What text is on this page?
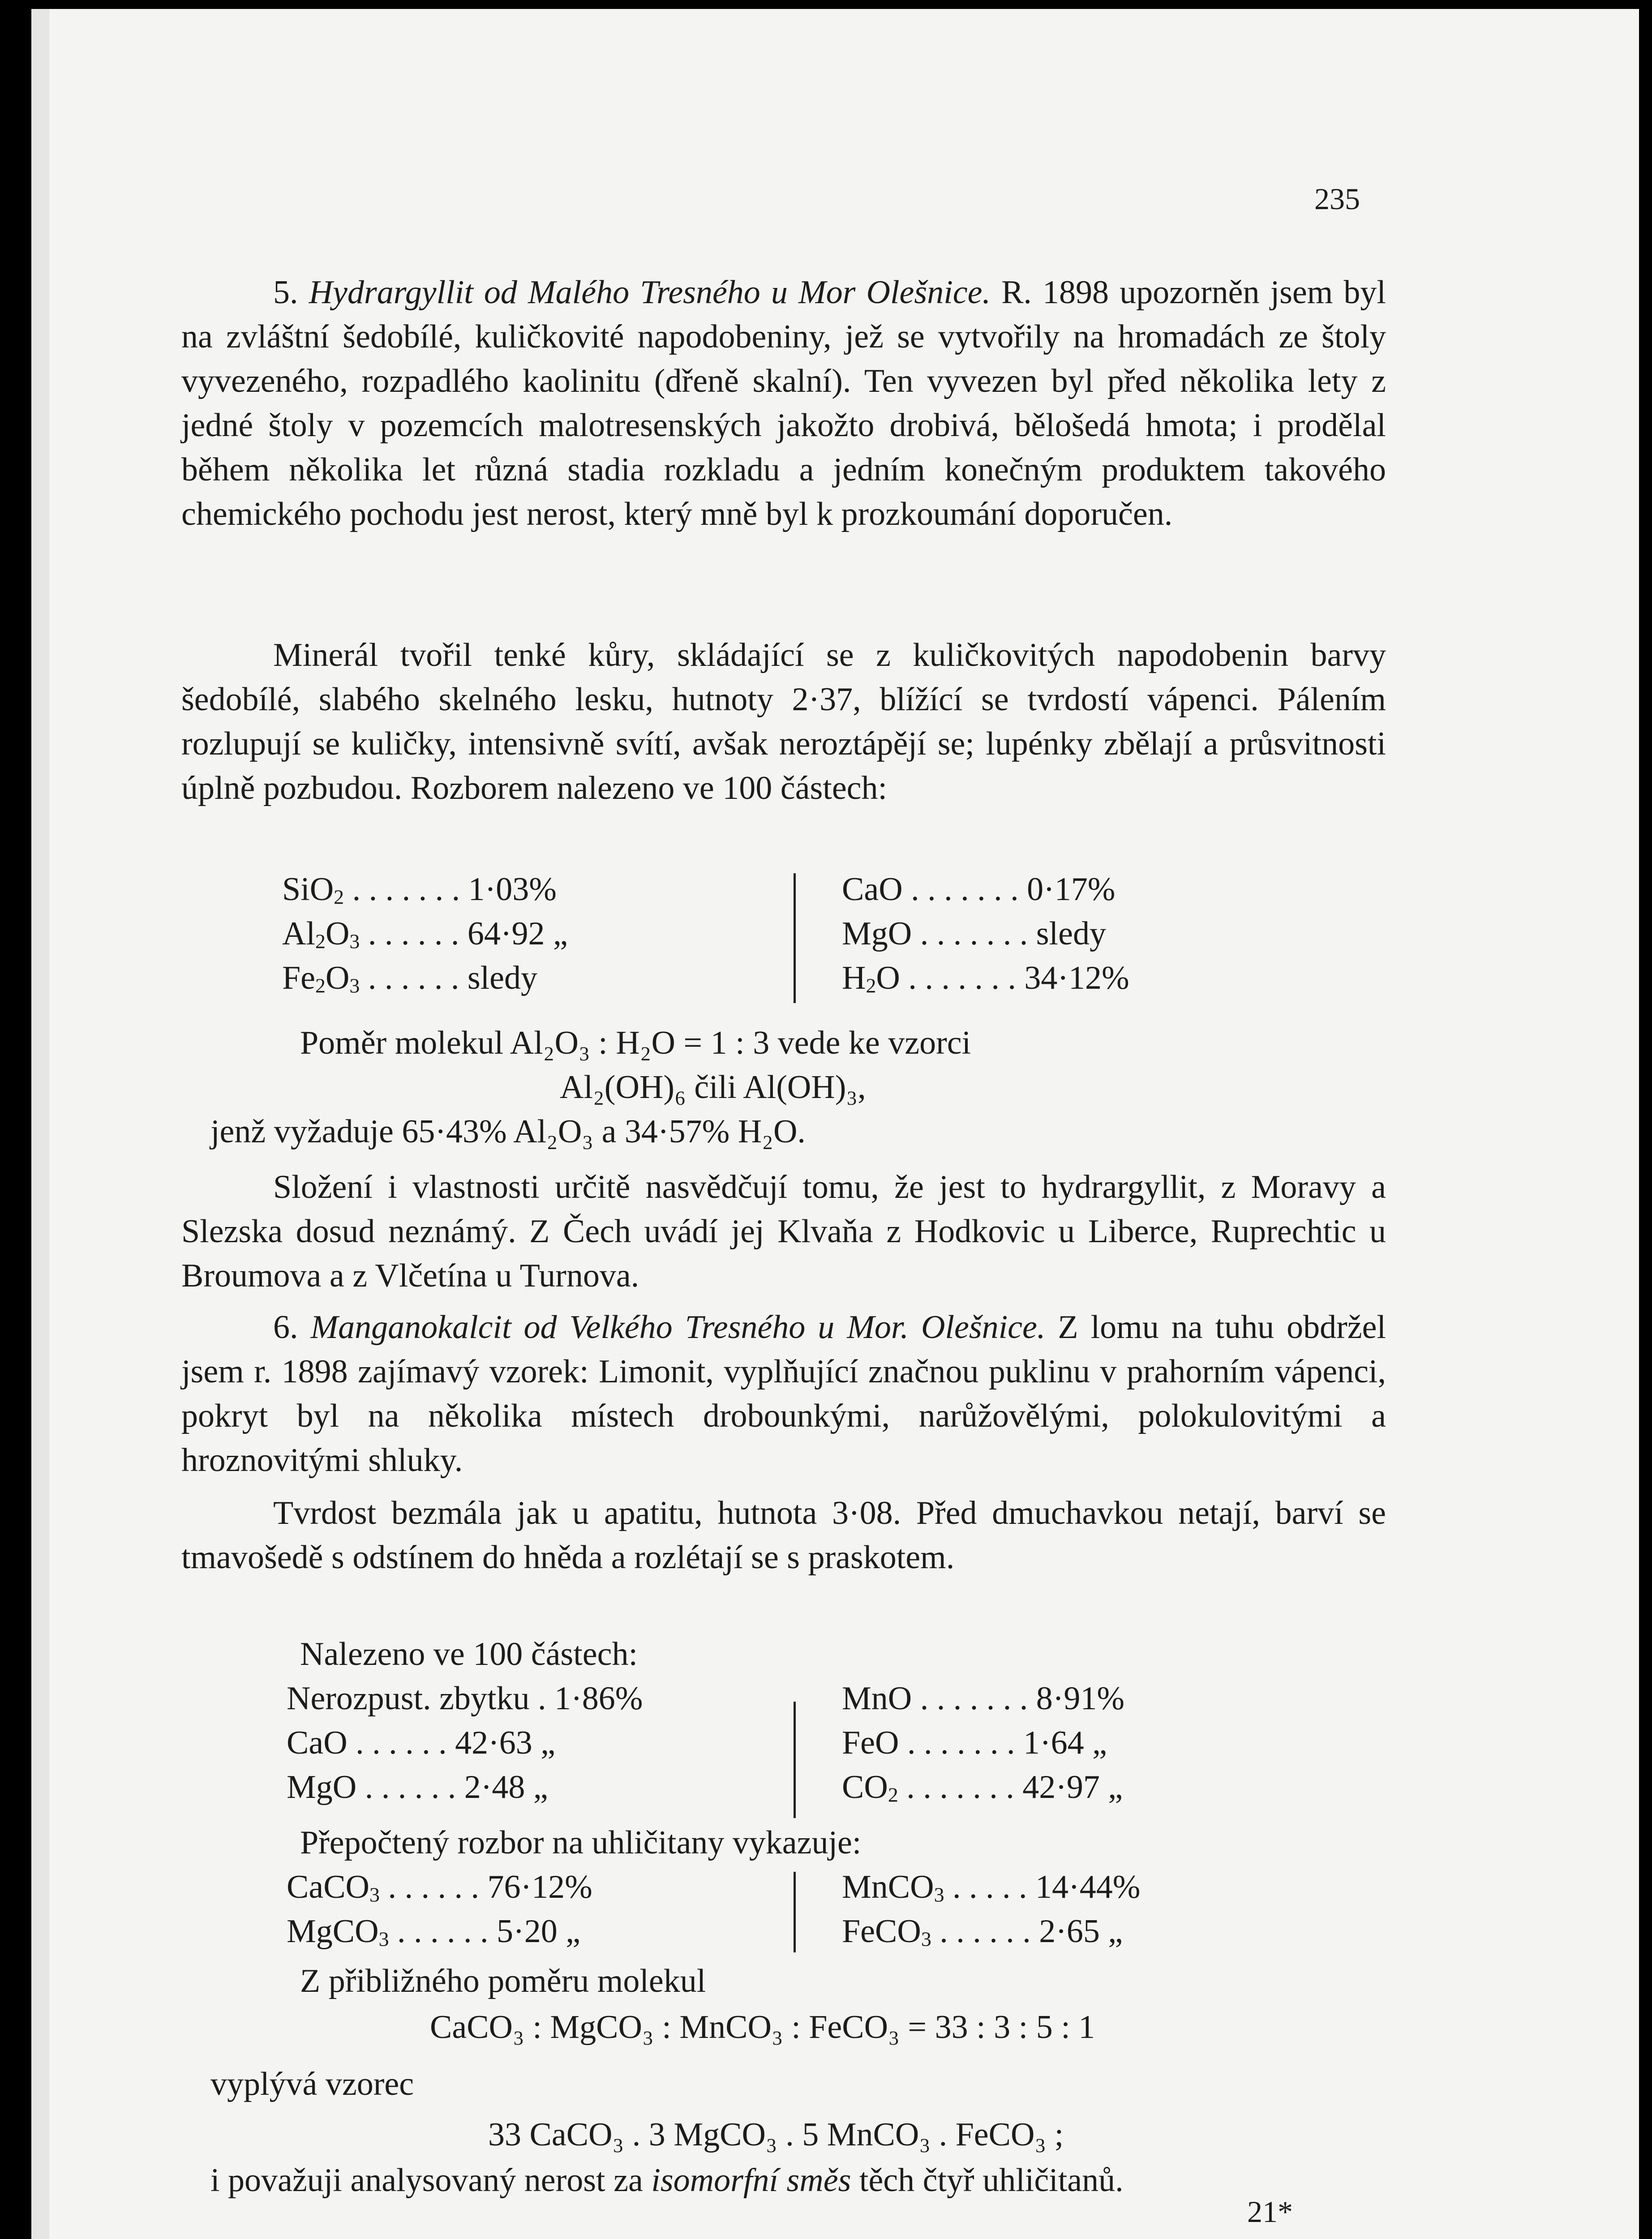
235
5. Hydrargyllit od Malého Tresného u Mor Olešnice. R. 1898 upozorněn jsem byl na zvláštní šedobílé, kuličkovité napodobeniny, jež se vytvořily na hromadách ze štoly vyvezeného, rozpadlého kaolinitu (dřeně skalní). Ten vyvezen byl před několika lety z jedné štoly v pozemcích malotresenských jakožto drobivá, bělošedá hmota; i prodělal během několika let různá stadia rozkladu a jedním konečným produktem takového chemického pochodu jest nerost, který mně byl k prozkoumání doporučen.
Minerál tvořil tenké kůry, skládající se z kuličkovitých napodobenin barvy šedobílé, slabého skelného lesku, hutnoty 2·37, blížící se tvrdostí vápenci. Pálením rozlupují se kuličky, intensivně svítí, avšak neroztápějí se; lupénky zbělají a průsvitnosti úplně pozbudou. Rozborem nalezeno ve 100 částech:
SiO2 . . . . . . . 1·03%
Al2O3 . . . . . . 64·92 „
Fe2O3 . . . . . . sledy
CaO . . . . . . . 0·17%
MgO . . . . . . . sledy
H2O . . . . . . . 34·12%
Poměr molekul Al₂O₃ : H₂O = 1 : 3 vede ke vzorci
Al₂(OH)₆ čili Al(OH)₃,
jenž vyžaduje 65·43% Al₂O₃ a 34·57% H₂O.
Složení i vlastnosti určitě nasvědčují tomu, že jest to hydrargyllit, z Moravy a Slezska dosud neznámý. Z Čech uvádí jej Klvaňa z Hodkovic u Liberce, Ruprechtic u Broumova a z Vlčetína u Turnova.
6. Manganokalcit od Velkého Tresného u Mor. Olešnice. Z lomu na tuhu obdržel jsem r. 1898 zajímavý vzorek: Limonit, vyplňující značnou puklinu v prahorním vápenci, pokryt byl na několika místech drobounkými, narůžovělými, polokulovitými a hroznovitými shluky.
Tvrdost bezmála jak u apatitu, hutnota 3·08. Před dmuchavkou netají, barví se tmavošedě s odstínem do hněda a rozlétají se s praskotem.
Nalezeno ve 100 částech:
Nerozpust. zbytku . 1·86%
CaO . . . . . . 42·63 „
MgO . . . . . . 2·48 „
MnO . . . . . . . 8·91%
FeO . . . . . . . 1·64 „
CO2 . . . . . . . 42·97 „
Přepočtený rozbor na uhličitany vykazuje:
CaCO3 . . . . . . 76·12%
MgCO3 . . . . . . 5·20 „
MnCO3 . . . . . 14·44%
FeCO3 . . . . . . 2·65 „
Z přibližného poměru molekul
CaCO₃ : MgCO₃ : MnCO₃ : FeCO₃ = 33 : 3 : 5 : 1
vyplývá vzorec
33 CaCO₃ . 3 MgCO₃ . 5 MnCO₃ . FeCO₃ ;
i považuji analysovaný nerost za isomorfní směs těch čtyř uhličitanů.
21*
